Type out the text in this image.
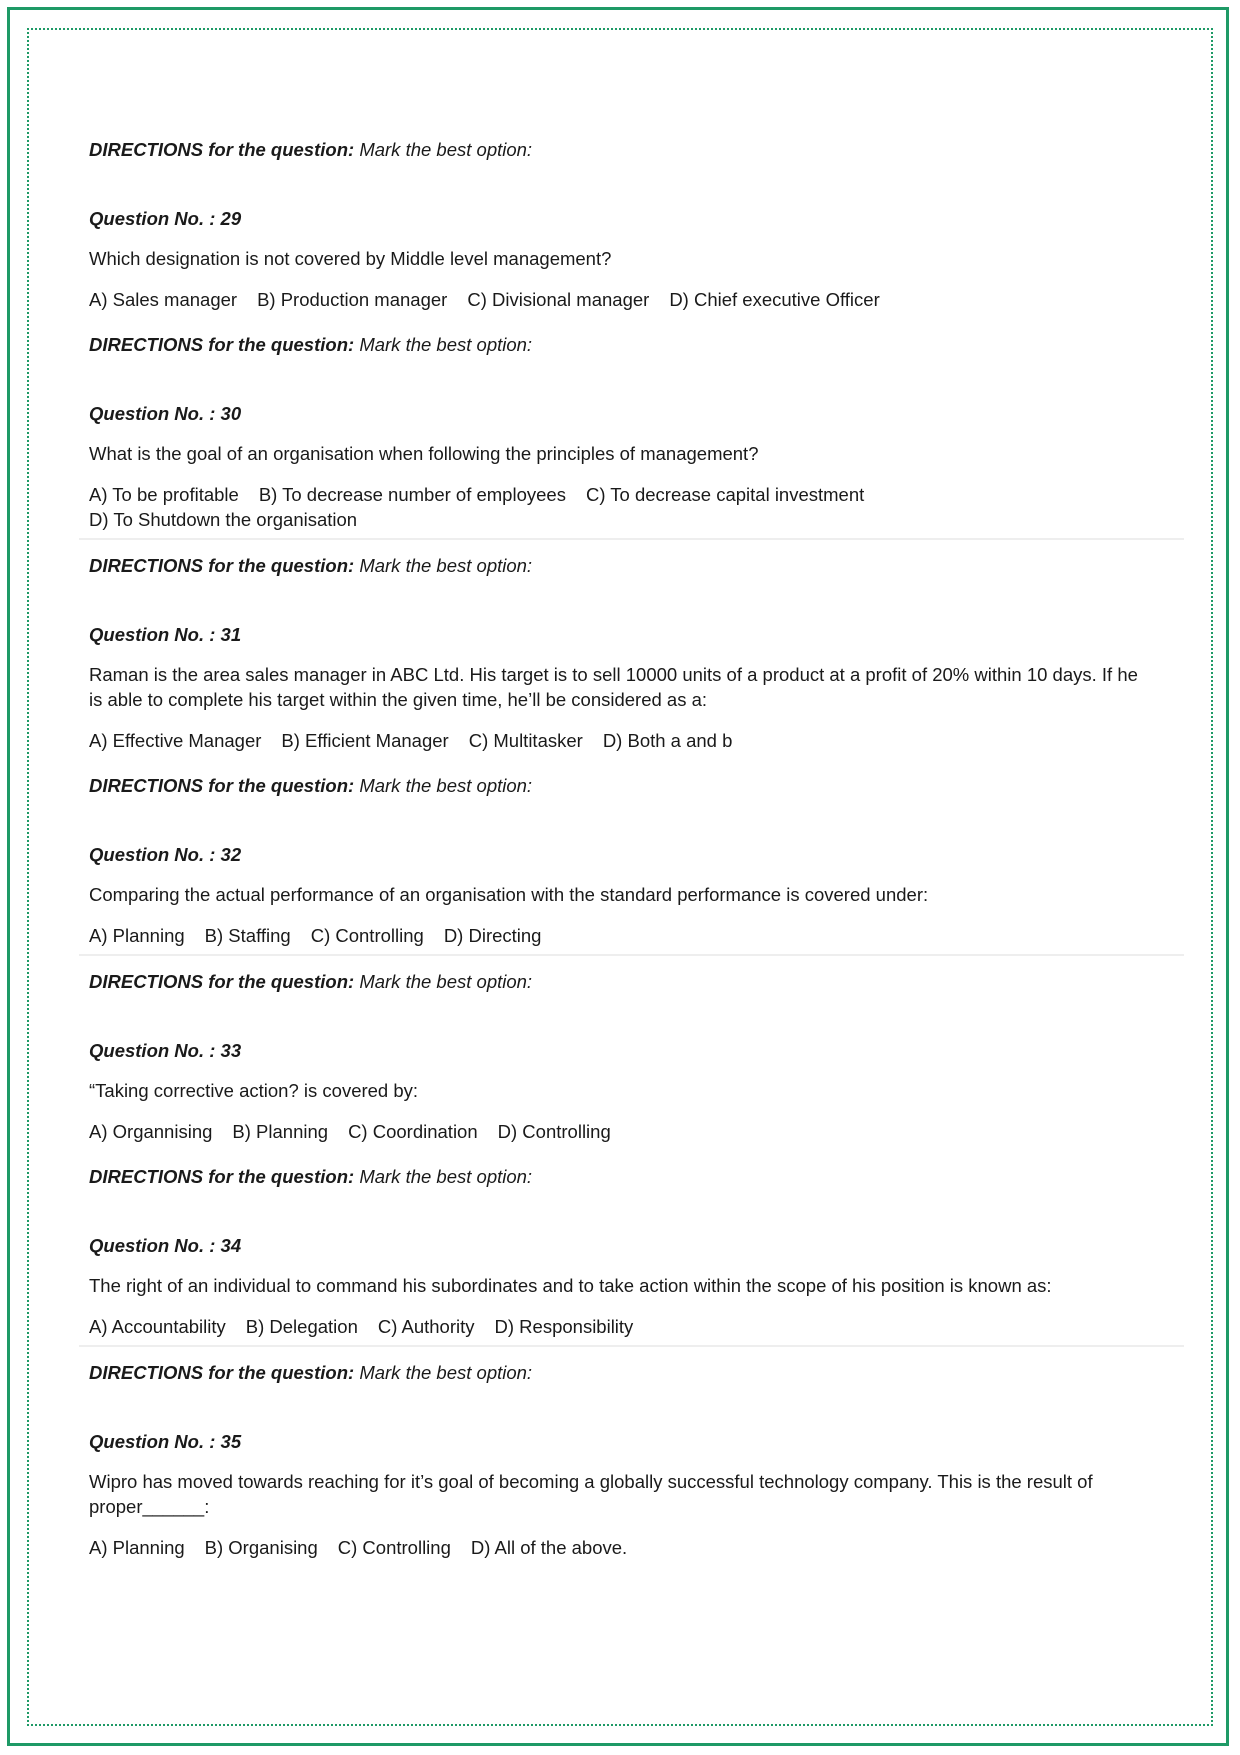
DIRECTIONS for the question: Mark the best option:

Question No. : 29

Which designation is not covered by Middle level management?

A) Sales manager B) Production manager C) Divisional manager D) Chief executive Officer

DIRECTIONS for the question: Mark the best option:

Question No. : 30

What is the goal of an organisation when following the principles of management?

A) To be profitable B) To decrease number of employees C) To decrease capital investment
D) To Shutdown the organisation

DIRECTIONS for the question: Mark the best option:

Question No. : 31

Raman is the area sales manager in ABC Ltd. His target is to sell 10000 units of a product at a profit of 20% within 10 days. If he
is able to complete his target within the given time, he’ll be considered as a:

A) Effective Manager B) Efficient Manager C) Multitasker D) Both a and b

DIRECTIONS for the question: Mark the best option:

Question No. : 32

Comparing the actual performance of an organisation with the standard performance is covered under:

A) Planning B) Staffing C) Controlling D) Directing

DIRECTIONS for the question: Mark the best option:

Question No. : 33

“Taking corrective action? is covered by:

A) Organnising B) Planning C) Coordination D) Controlling

DIRECTIONS for the question: Mark the best option:

Question No. : 34

The right of an individual to command his subordinates and to take action within the scope of his position is known as:

A) Accountability B) Delegation C) Authority D) Responsibility

DIRECTIONS for the question: Mark the best option:

Question No. : 35

Wipro has moved towards reaching for it’s goal of becoming a globally successful technology company. This is the result of
proper______:

A) Planning B) Organising C) Controlling D) All of the above.
